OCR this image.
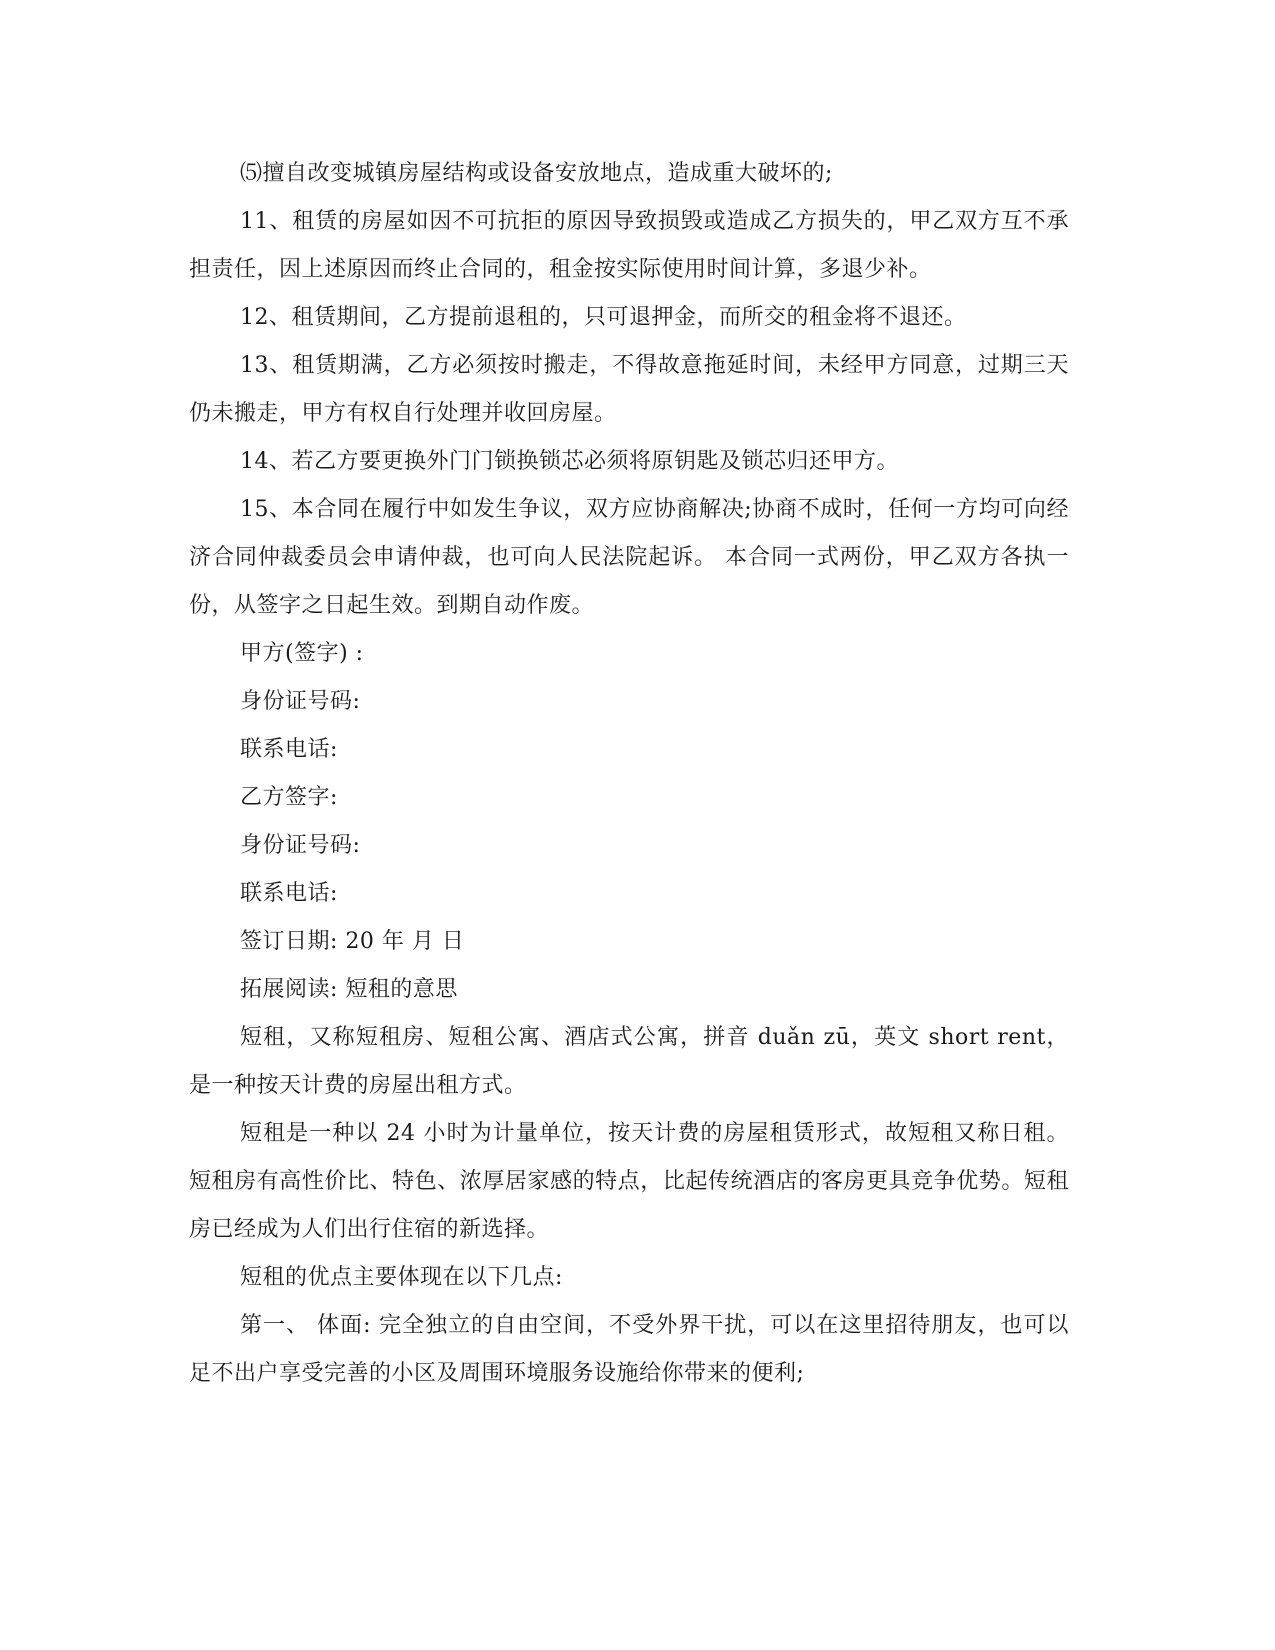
⑸擅自改变城镇房屋结构或设备安放地点，造成重大破坏的;

11、租赁的房屋如因不可抗拒的原因导致损毁或造成乙方损失的，甲乙双方互不承担责任，因上述原因而终止合同的，租金按实际使用时间计算，多退少补。

12、租赁期间，乙方提前退租的，只可退押金，而所交的租金将不退还。

13、租赁期满，乙方必须按时搬走，不得故意拖延时间，未经甲方同意，过期三天仍未搬走，甲方有权自行处理并收回房屋。

14、若乙方要更换外门门锁换锁芯必须将原钥匙及锁芯归还甲方。

15、本合同在履行中如发生争议，双方应协商解决;协商不成时，任何一方均可向经济合同仲裁委员会申请仲裁，也可向人民法院起诉。 本合同一式两份，甲乙双方各执一份，从签字之日起生效。到期自动作废。

甲方(签字) :

身份证号码:

联系电话:

乙方签字:

身份证号码:

联系电话:

签订日期: 20 年 月 日

拓展阅读: 短租的意思

短租，又称短租房、短租公寓、酒店式公寓，拼音 duǎn zū，英文 short rent，是一种按天计费的房屋出租方式。

短租是一种以 24 小时为计量单位，按天计费的房屋租赁形式，故短租又称日租。短租房有高性价比、特色、浓厚居家感的特点，比起传统酒店的客房更具竞争优势。短租房已经成为人们出行住宿的新选择。

短租的优点主要体现在以下几点:

第一、 体面: 完全独立的自由空间，不受外界干扰，可以在这里招待朋友，也可以足不出户享受完善的小区及周围环境服务设施给你带来的便利;
